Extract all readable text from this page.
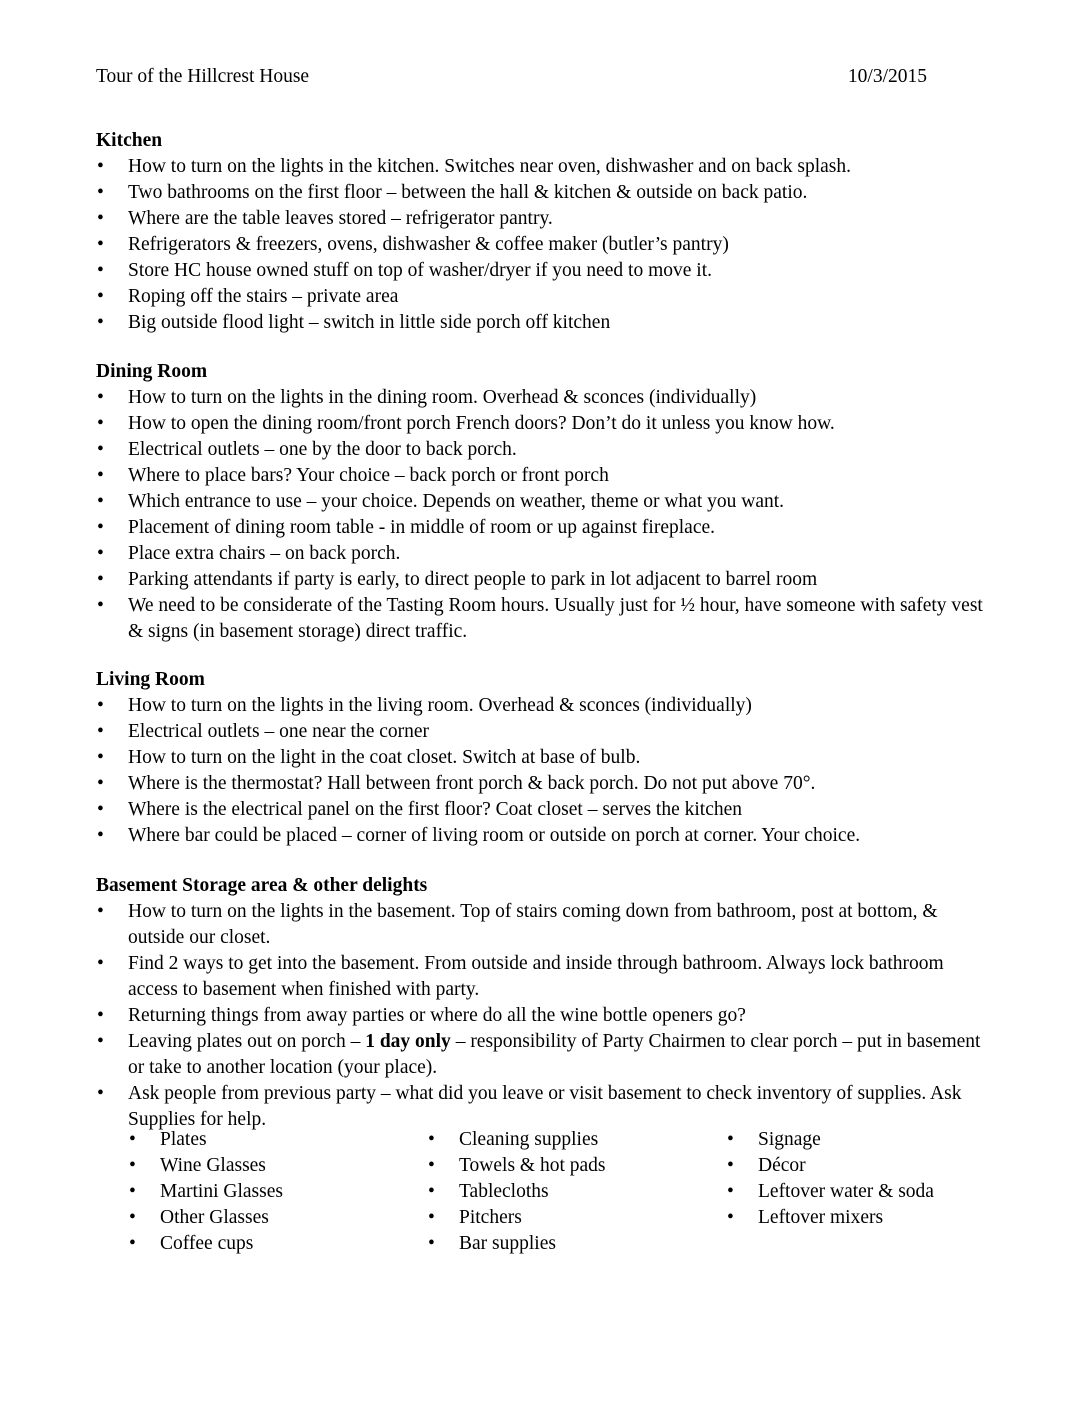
Tour of the Hillcrest House	10/3/2015
Kitchen
• How to turn on the lights in the kitchen. Switches near oven, dishwasher and on back splash.
• Two bathrooms on the first floor – between the hall & kitchen & outside on back patio.
• Where are the table leaves stored – refrigerator pantry.
• Refrigerators & freezers, ovens, dishwasher & coffee maker (butler’s pantry)
• Store HC house owned stuff on top of washer/dryer if you need to move it.
• Roping off the stairs – private area
• Big outside flood light – switch in little side porch off kitchen
Dining Room
• How to turn on the lights in the dining room. Overhead & sconces (individually)
• How to open the dining room/front porch French doors? Don’t do it unless you know how.
• Electrical outlets – one by the door to back porch.
• Where to place bars? Your choice – back porch or front porch
• Which entrance to use – your choice. Depends on weather, theme or what you want.
• Placement of dining room table - in middle of room or up against fireplace.
• Place extra chairs – on back porch.
• Parking attendants if party is early, to direct people to park in lot adjacent to barrel room
• We need to be considerate of the Tasting Room hours. Usually just for ½ hour, have someone with safety vest & signs (in basement storage) direct traffic.
Living Room
• How to turn on the lights in the living room. Overhead & sconces (individually)
• Electrical outlets – one near the corner
• How to turn on the light in the coat closet. Switch at base of bulb.
• Where is the thermostat? Hall between front porch & back porch. Do not put above 70°.
• Where is the electrical panel on the first floor? Coat closet – serves the kitchen
• Where bar could be placed – corner of living room or outside on porch at corner. Your choice.
Basement Storage area & other delights
• How to turn on the lights in the basement. Top of stairs coming down from bathroom, post at bottom, & outside our closet.
• Find 2 ways to get into the basement. From outside and inside through bathroom. Always lock bathroom access to basement when finished with party.
• Returning things from away parties or where do all the wine bottle openers go?
• Leaving plates out on porch – 1 day only – responsibility of Party Chairmen to clear porch – put in basement or take to another location (your place).
• Ask people from previous party – what did you leave or visit basement to check inventory of supplies. Ask Supplies for help.
• Plates
• Wine Glasses
• Martini Glasses
• Other Glasses
• Coffee cups
• Cleaning supplies
• Towels & hot pads
• Tablecloths
• Pitchers
• Bar supplies
• Signage
• Décor
• Leftover water & soda
• Leftover mixers
